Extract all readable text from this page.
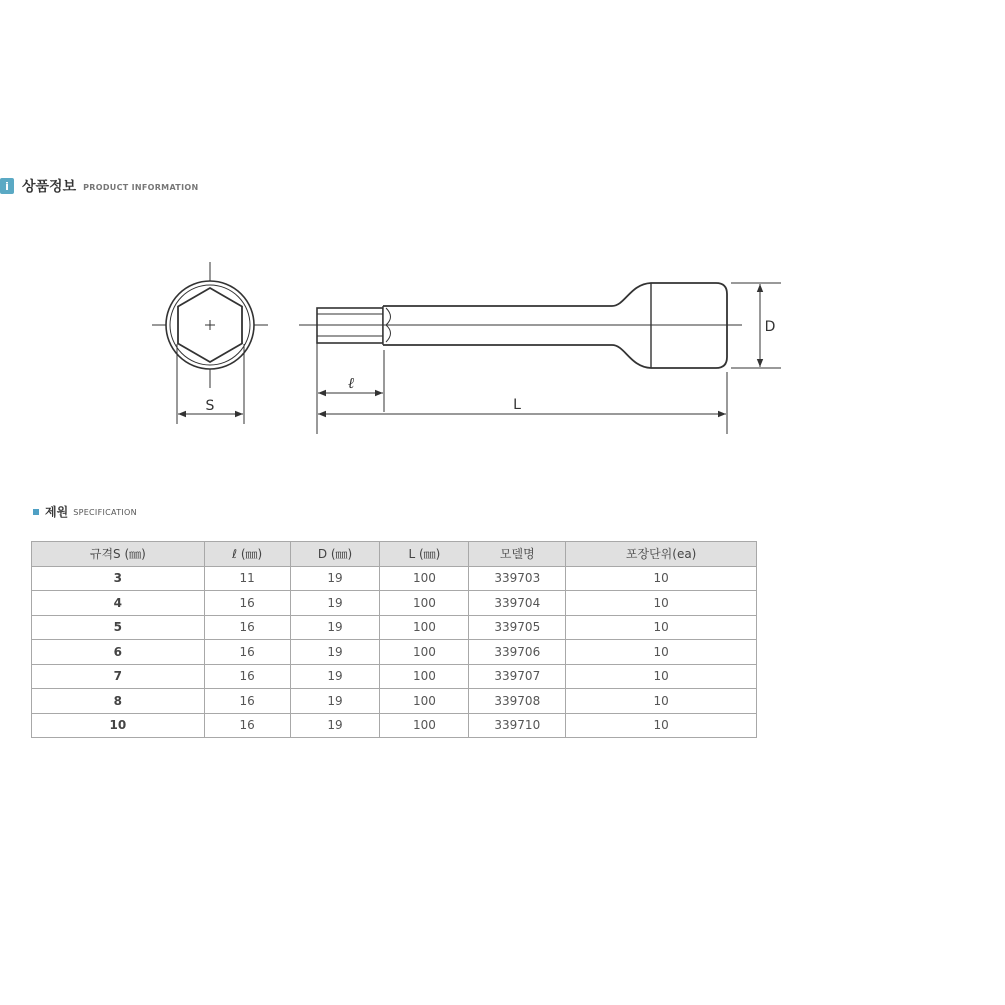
i 상품정보 PRODUCT INFORMATION
S
ℓ
L
D
제원 SPECIFICATION
규격S (㎜)	ℓ (㎜)	D (㎜)	L (㎜)	모델명	포장단위(ea)
3	11	19	100	339703	10
4	16	19	100	339704	10
5	16	19	100	339705	10
6	16	19	100	339706	10
7	16	19	100	339707	10
8	16	19	100	339708	10
10	16	19	100	339710	10
